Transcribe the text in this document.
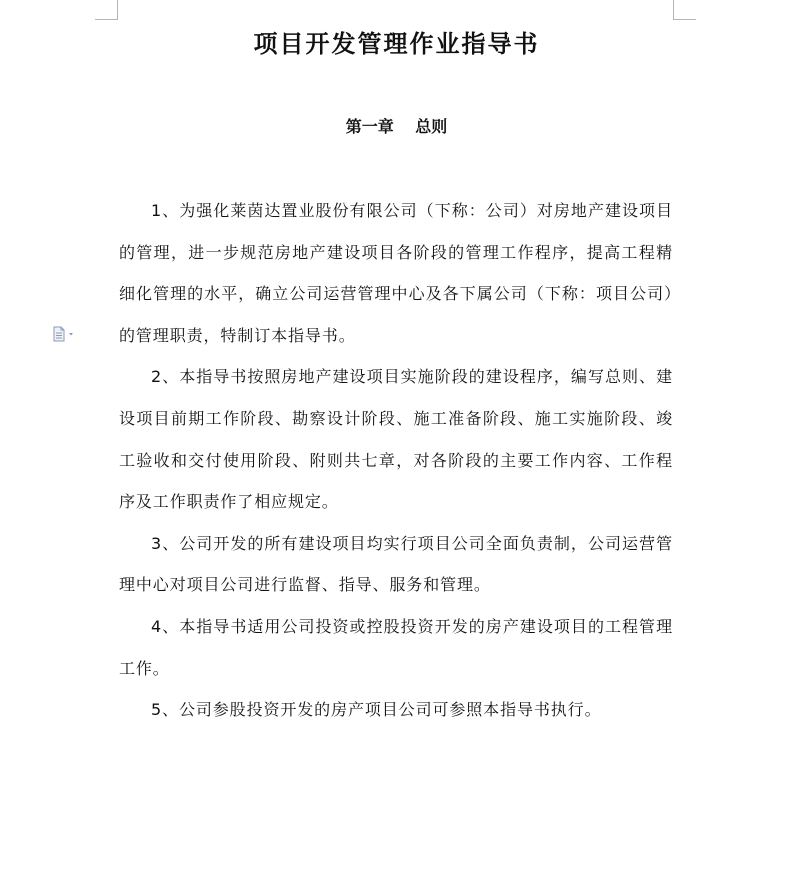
项目开发管理作业指导书
第一章　 总则

1、为强化莱茵达置业股份有限公司（下称：公司）对房地产建设项目的管理，进一步规范房地产建设项目各阶段的管理工作程序，提高工程精细化管理的水平，确立公司运营管理中心及各下属公司（下称：项目公司）的管理职责，特制订本指导书。

2、本指导书按照房地产建设项目实施阶段的建设程序，编写总则、建设项目前期工作阶段、勘察设计阶段、施工准备阶段、施工实施阶段、竣工验收和交付使用阶段、附则共七章，对各阶段的主要工作内容、工作程序及工作职责作了相应规定。

3、公司开发的所有建设项目均实行项目公司全面负责制，公司运营管理中心对项目公司进行监督、指导、服务和管理。

4、本指导书适用公司投资或控股投资开发的房产建设项目的工程管理工作。

5、公司参股投资开发的房产项目公司可参照本指导书执行。
